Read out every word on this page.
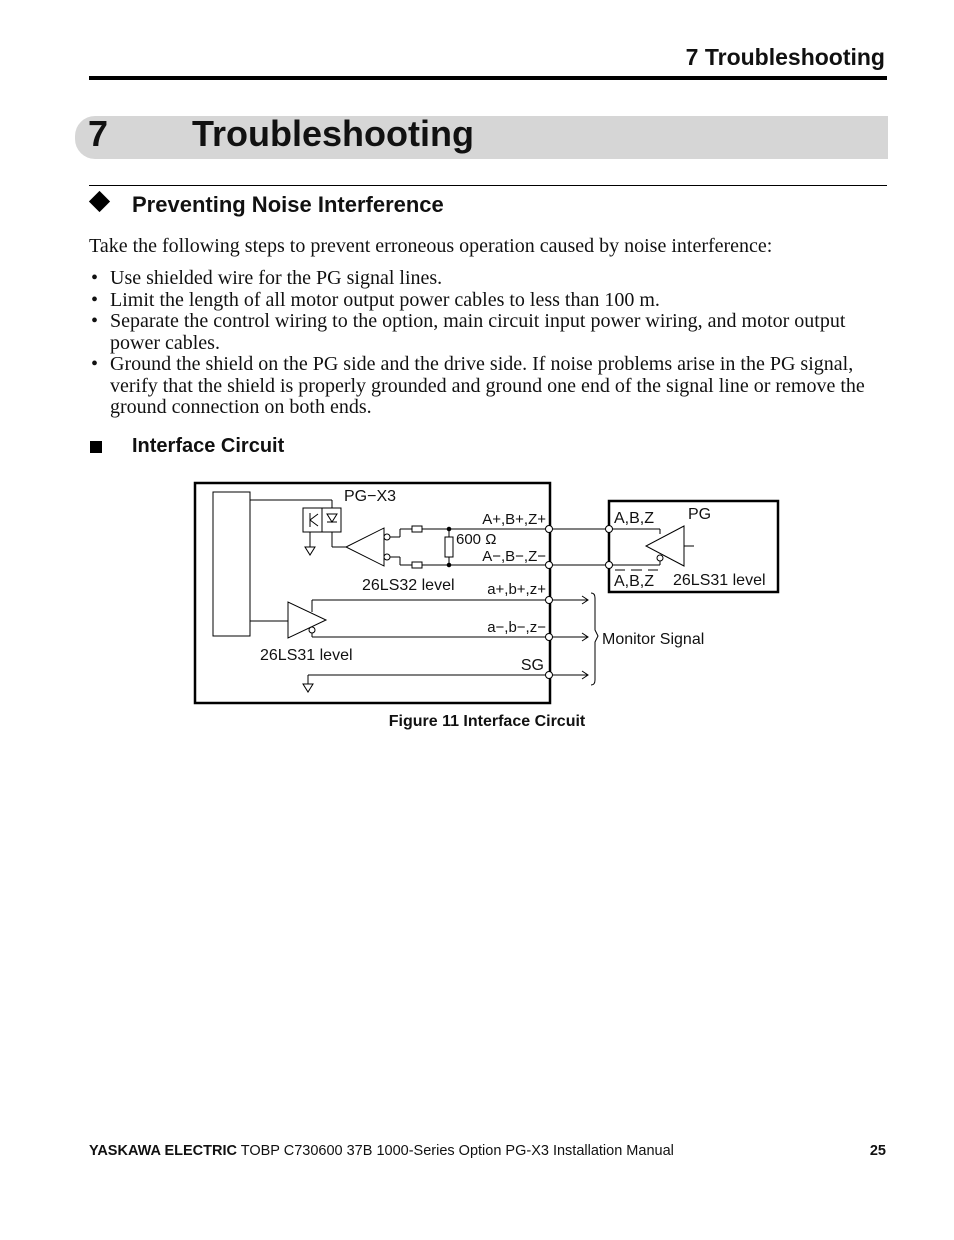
7 Troubleshooting
7 Troubleshooting
Preventing Noise Interference

Take the following steps to prevent erroneous operation caused by noise interference:

• Use shielded wire for the PG signal lines.
• Limit the length of all motor output power cables to less than 100 m.
• Separate the control wiring to the option, main circuit input power wiring, and motor output power cables.
• Ground the shield on the PG side and the drive side. If noise problems arise in the PG signal, verify that the shield is properly grounded and ground one end of the signal line or remove the ground connection on both ends.
Interface Circuit
PG−X3
A+,B+,Z+
600 Ω
A−,B−,Z−
26LS32 level a+,b+,z+
a−,b−,z−
26LS31 level
SG
PG
A,B,Z
A,B,Z 26LS31 level
Monitor Signal
Figure 11 Interface Circuit
YASKAWA ELECTRIC TOBP C730600 37B 1000-Series Option PG-X3 Installation Manual	25
